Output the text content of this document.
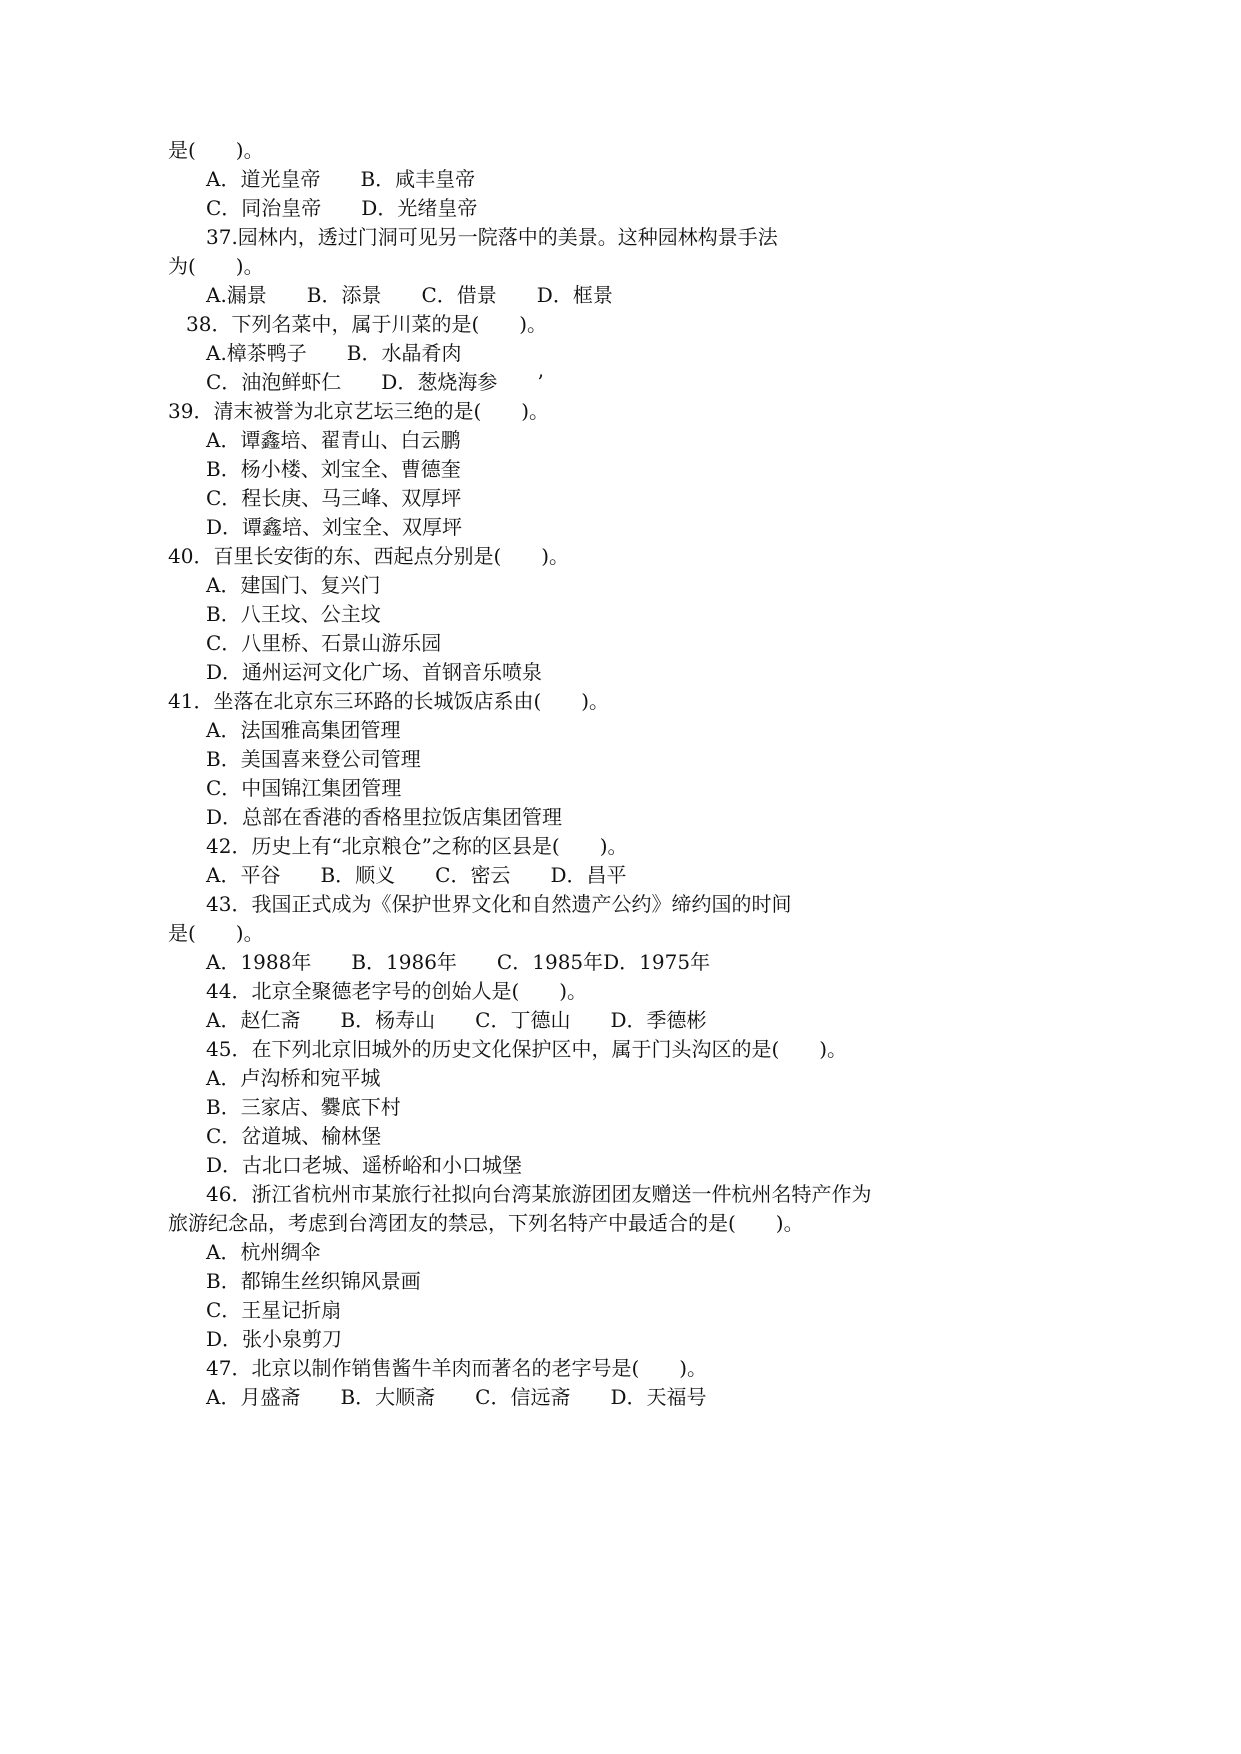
是(　　)。
A．道光皇帝　　B．咸丰皇帝
C．同治皇帝　　D．光绪皇帝
37.园林内，透过门洞可见另一院落中的美景。这种园林构景手法
为(　　)。
A.漏景　　B．添景　　C．借景　　D．框景
38．下列名菜中，属于川菜的是(　　)。
A.樟茶鸭子　　B．水晶肴肉
C．油泡鲜虾仁　　D．葱烧海参　　’
39．清末被誉为北京艺坛三绝的是(　　)。
A．谭鑫培、翟青山、白云鹏
B．杨小楼、刘宝全、曹德奎
C．程长庚、马三峰、双厚坪
D．谭鑫培、刘宝全、双厚坪
40．百里长安街的东、西起点分别是(　　)。
A．建国门、复兴门
B．八王坟、公主坟
C．八里桥、石景山游乐园
D．通州运河文化广场、首钢音乐喷泉
41．坐落在北京东三环路的长城饭店系由(　　)。
A．法国雅高集团管理
B．美国喜来登公司管理
C．中国锦江集团管理
D．总部在香港的香格里拉饭店集团管理
42．历史上有“北京粮仓”之称的区县是(　　)。
A．平谷　　B．顺义　　C．密云　　D．昌平
43．我国正式成为《保护世界文化和自然遗产公约》缔约国的时间
是(　　)。
A．1988年　　B．1986年　　C．1985年D．1975年
44．北京全聚德老字号的创始人是(　　)。
A．赵仁斋　　B．杨寿山　　C．丁德山　　D．季德彬
45．在下列北京旧城外的历史文化保护区中，属于门头沟区的是(　　)。
A．卢沟桥和宛平城
B．三家店、爨底下村
C．岔道城、榆林堡
D．古北口老城、遥桥峪和小口城堡
46．浙江省杭州市某旅行社拟向台湾某旅游团团友赠送一件杭州名特产作为
旅游纪念品，考虑到台湾团友的禁忌，下列名特产中最适合的是(　　)。
A．杭州绸伞
B．都锦生丝织锦风景画
C．王星记折扇
D．张小泉剪刀
47．北京以制作销售酱牛羊肉而著名的老字号是(　　)。
A．月盛斋　　B．大顺斋　　C．信远斋　　D．天福号
